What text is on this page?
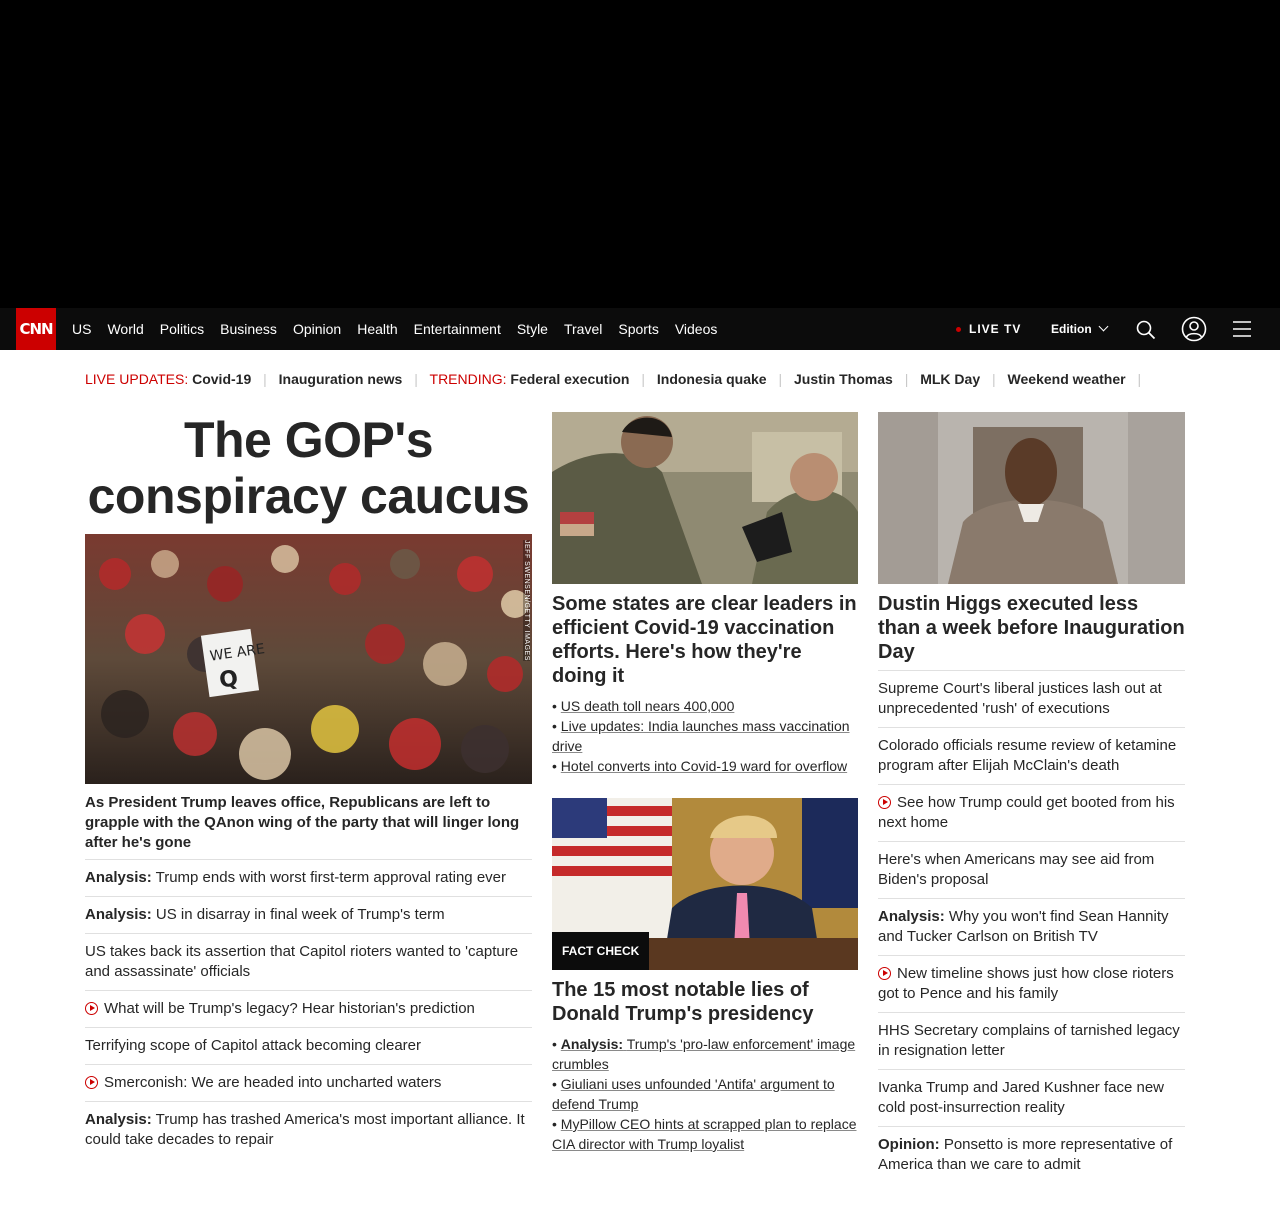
CNN	US	World	Politics	Business	Opinion	Health	Entertainment	Style	Travel	Sports	Videos	LIVE TV Edition
LIVE UPDATES: Covid-19 | Inauguration news | TRENDING: Federal execution | Indonesia quake | Justin Thomas | MLK Day | Weekend weather |
The GOP's conspiracy caucus
WE ARE
Q
JEFF SWENSEN/GETTY IMAGES
As President Trump leaves office, Republicans are left to grapple with the QAnon wing of the party that will linger long after he's gone
Analysis: Trump ends with worst first-term approval rating ever
Analysis: US in disarray in final week of Trump's term
US takes back its assertion that Capitol rioters wanted to 'capture and assassinate' officials
What will be Trump's legacy? Hear historian's prediction
Terrifying scope of Capitol attack becoming clearer
Smerconish: We are headed into uncharted waters
Analysis: Trump has trashed America's most important alliance. It could take decades to repair
Some states are clear leaders in efficient Covid-19 vaccination efforts. Here's how they're doing it
• US death toll nears 400,000
• Live updates: India launches mass vaccination drive
• Hotel converts into Covid-19 ward for overflow
FACT CHECK
The 15 most notable lies of Donald Trump's presidency
• Analysis: Trump's 'pro-law enforcement' image crumbles
• Giuliani uses unfounded 'Antifa' argument to defend Trump
• MyPillow CEO hints at scrapped plan to replace CIA director with Trump loyalist
Dustin Higgs executed less than a week before Inauguration Day
Supreme Court's liberal justices lash out at unprecedented 'rush' of executions
Colorado officials resume review of ketamine program after Elijah McClain's death
See how Trump could get booted from his next home
Here's when Americans may see aid from Biden's proposal
Analysis: Why you won't find Sean Hannity and Tucker Carlson on British TV
New timeline shows just how close rioters got to Pence and his family
HHS Secretary complains of tarnished legacy in resignation letter
Ivanka Trump and Jared Kushner face new cold post-insurrection reality
Opinion: Ponsetto is more representative of America than we care to admit
